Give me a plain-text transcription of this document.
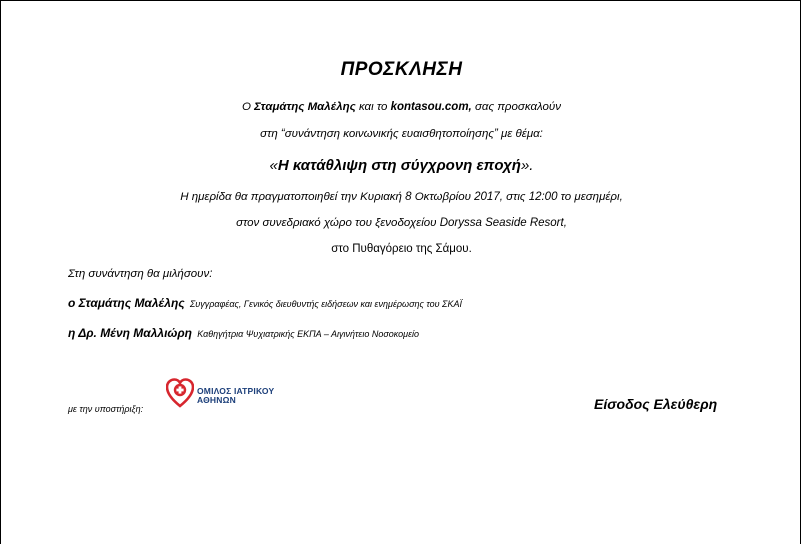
ΠΡΟΣΚΛΗΣΗ
Ο Σταμάτης Μαλέλης και το kontasou.com, σας προσκαλούν
στη “συνάντηση κοινωνικής ευαισθητοποίησης” με θέμα:
«Η κατάθλιψη στη σύγχρονη εποχή».
Η ημερίδα θα πραγματοποιηθεί την Κυριακή 8 Οκτωβρίου 2017, στις 12:00 το μεσημέρι,
στον συνεδριακό χώρο του ξενοδοχείου Doryssa Seaside Resort,
στο Πυθαγόρειο της Σάμου.
Στη συνάντηση θα μιλήσουν:
ο Σταμάτης Μαλέλης Συγγραφέας, Γενικός διευθυντής ειδήσεων και ενημέρωσης του ΣΚΑΪ
η Δρ. Μένη Μαλλιώρη Καθηγήτρια Ψυχιατρικής ΕΚΠΑ – Αιγινήτειο Νοσοκομείο
με την υποστήριξη:
ΟΜΙΛΟΣ ΙΑΤΡΙΚΟΥ
ΑΘΗΝΩΝ	Είσοδος Ελεύθερη
